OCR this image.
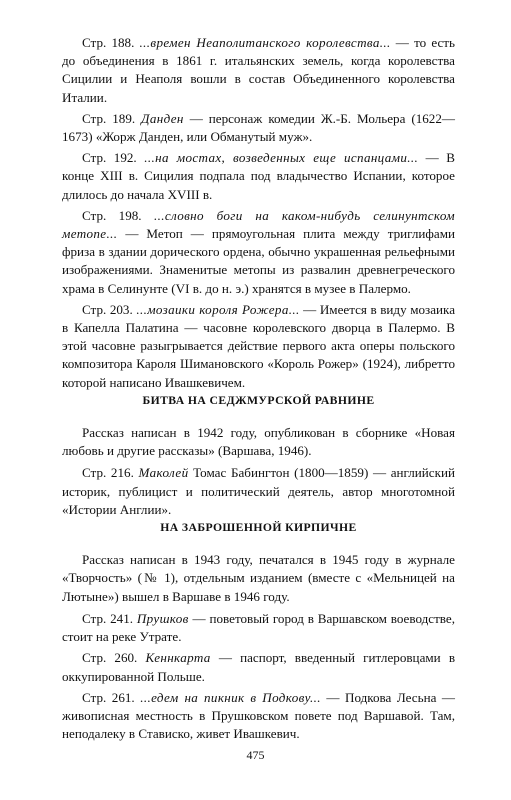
Стр. 188. ...времен Неаполитанского королевства... — то есть до объединения в 1861 г. итальянских земель, когда королевства Сицилии и Неаполя вошли в состав Объединенного королевства Италии.

Стр. 189. Данден — персонаж комедии Ж.-Б. Мольера (1622—1673) «Жорж Данден, или Обманутый муж».

Стр. 192. ...на мостах, возведенных еще испанцами... — В конце XIII в. Сицилия подпала под владычество Испании, которое длилось до начала XVIII в.

Стр. 198. ...словно боги на каком-нибудь селинунтском метопе... — Метоп — прямоугольная плита между триглифами фриза в здании дорического ордена, обычно украшенная рельефными изображениями. Знаменитые метопы из развалин древнегреческого храма в Селинунте (VI в. до н. э.) хранятся в музее в Палермо.

Стр. 203. ...мозаики короля Рожера... — Имеется в виду мозаика в Капелла Палатина — часовне королевского дворца в Палермо. В этой часовне разыгрывается действие первого акта оперы польского композитора Кароля Шимановского «Король Рожер» (1924), либретто которой написано Ивашкевичем.

БИТВА НА СЕДЖМУРСКОЙ РАВНИНЕ

Рассказ написан в 1942 году, опубликован в сборнике «Новая любовь и другие рассказы» (Варшава, 1946).

Стр. 216. Маколей Томас Бабингтон (1800—1859) — английский историк, публицист и политический деятель, автор многотомной «Истории Англии».

НА ЗАБРОШЕННОЙ КИРПИЧНЕ

Рассказ написан в 1943 году, печатался в 1945 году в журнале «Творчость» (№ 1), отдельным изданием (вместе с «Мельницей на Лютыне») вышел в Варшаве в 1946 году.

Стр. 241. Прушков — поветовый город в Варшавском воеводстве, стоит на реке Утрате.

Стр. 260. Кеннкарта — паспорт, введенный гитлеровцами в оккупированной Польше.

Стр. 261. ...едем на пикник в Подкову... — Подкова Лесьна — живописная местность в Прушковском повете под Варшавой. Там, неподалеку в Стависко, живет Ивашкевич.

475
